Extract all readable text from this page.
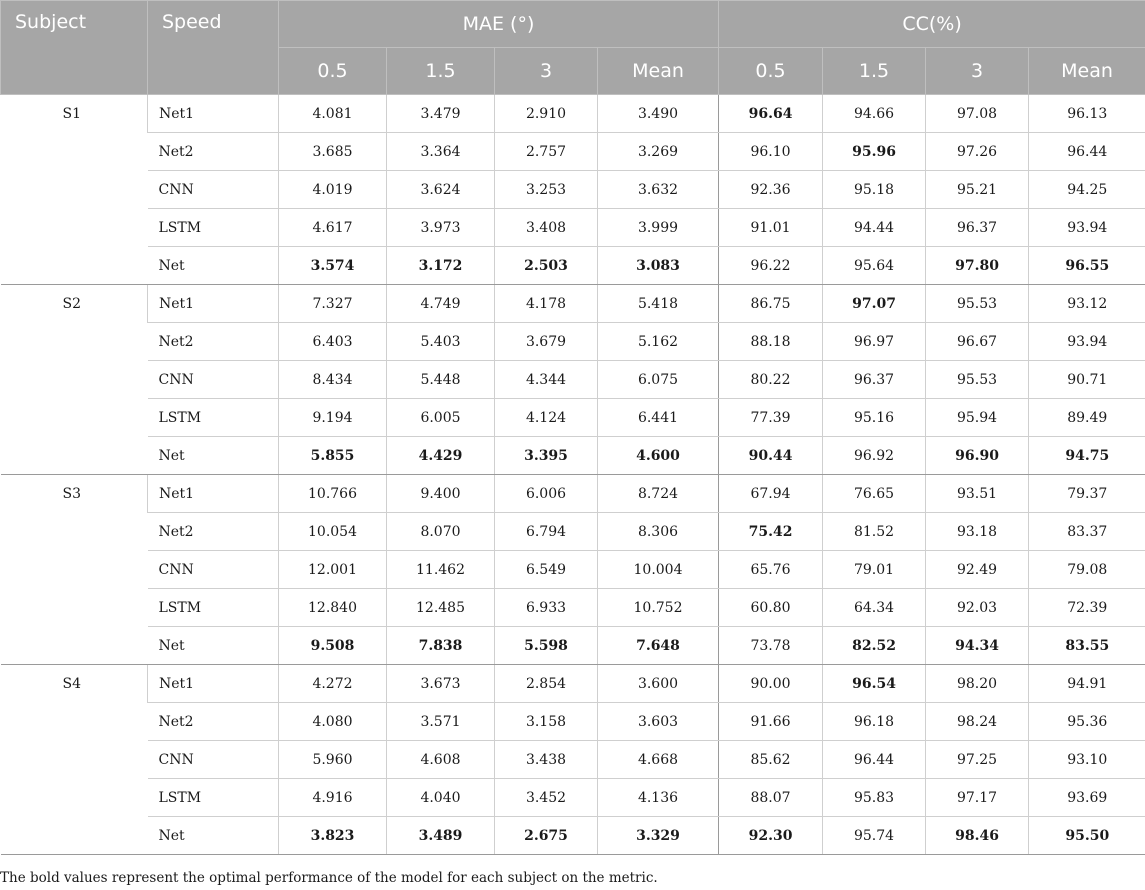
Subject	Speed	MAE (°)				CC(%)			
		0.5	1.5	3	Mean	0.5	1.5	3	Mean
S1	Net1	4.081	3.479	2.910	3.490	96.64	94.66	97.08	96.13
	Net2	3.685	3.364	2.757	3.269	96.10	95.96	97.26	96.44
	CNN	4.019	3.624	3.253	3.632	92.36	95.18	95.21	94.25
	LSTM	4.617	3.973	3.408	3.999	91.01	94.44	96.37	93.94
	Net	3.574	3.172	2.503	3.083	96.22	95.64	97.80	96.55
S2	Net1	7.327	4.749	4.178	5.418	86.75	97.07	95.53	93.12
	Net2	6.403	5.403	3.679	5.162	88.18	96.97	96.67	93.94
	CNN	8.434	5.448	4.344	6.075	80.22	96.37	95.53	90.71
	LSTM	9.194	6.005	4.124	6.441	77.39	95.16	95.94	89.49
	Net	5.855	4.429	3.395	4.600	90.44	96.92	96.90	94.75
S3	Net1	10.766	9.400	6.006	8.724	67.94	76.65	93.51	79.37
	Net2	10.054	8.070	6.794	8.306	75.42	81.52	93.18	83.37
	CNN	12.001	11.462	6.549	10.004	65.76	79.01	92.49	79.08
	LSTM	12.840	12.485	6.933	10.752	60.80	64.34	92.03	72.39
	Net	9.508	7.838	5.598	7.648	73.78	82.52	94.34	83.55
S4	Net1	4.272	3.673	2.854	3.600	90.00	96.54	98.20	94.91
	Net2	4.080	3.571	3.158	3.603	91.66	96.18	98.24	95.36
	CNN	5.960	4.608	3.438	4.668	85.62	96.44	97.25	93.10
	LSTM	4.916	4.040	3.452	4.136	88.07	95.83	97.17	93.69
	Net	3.823	3.489	2.675	3.329	92.30	95.74	98.46	95.50

The bold values represent the optimal performance of the model for each subject on the metric.
